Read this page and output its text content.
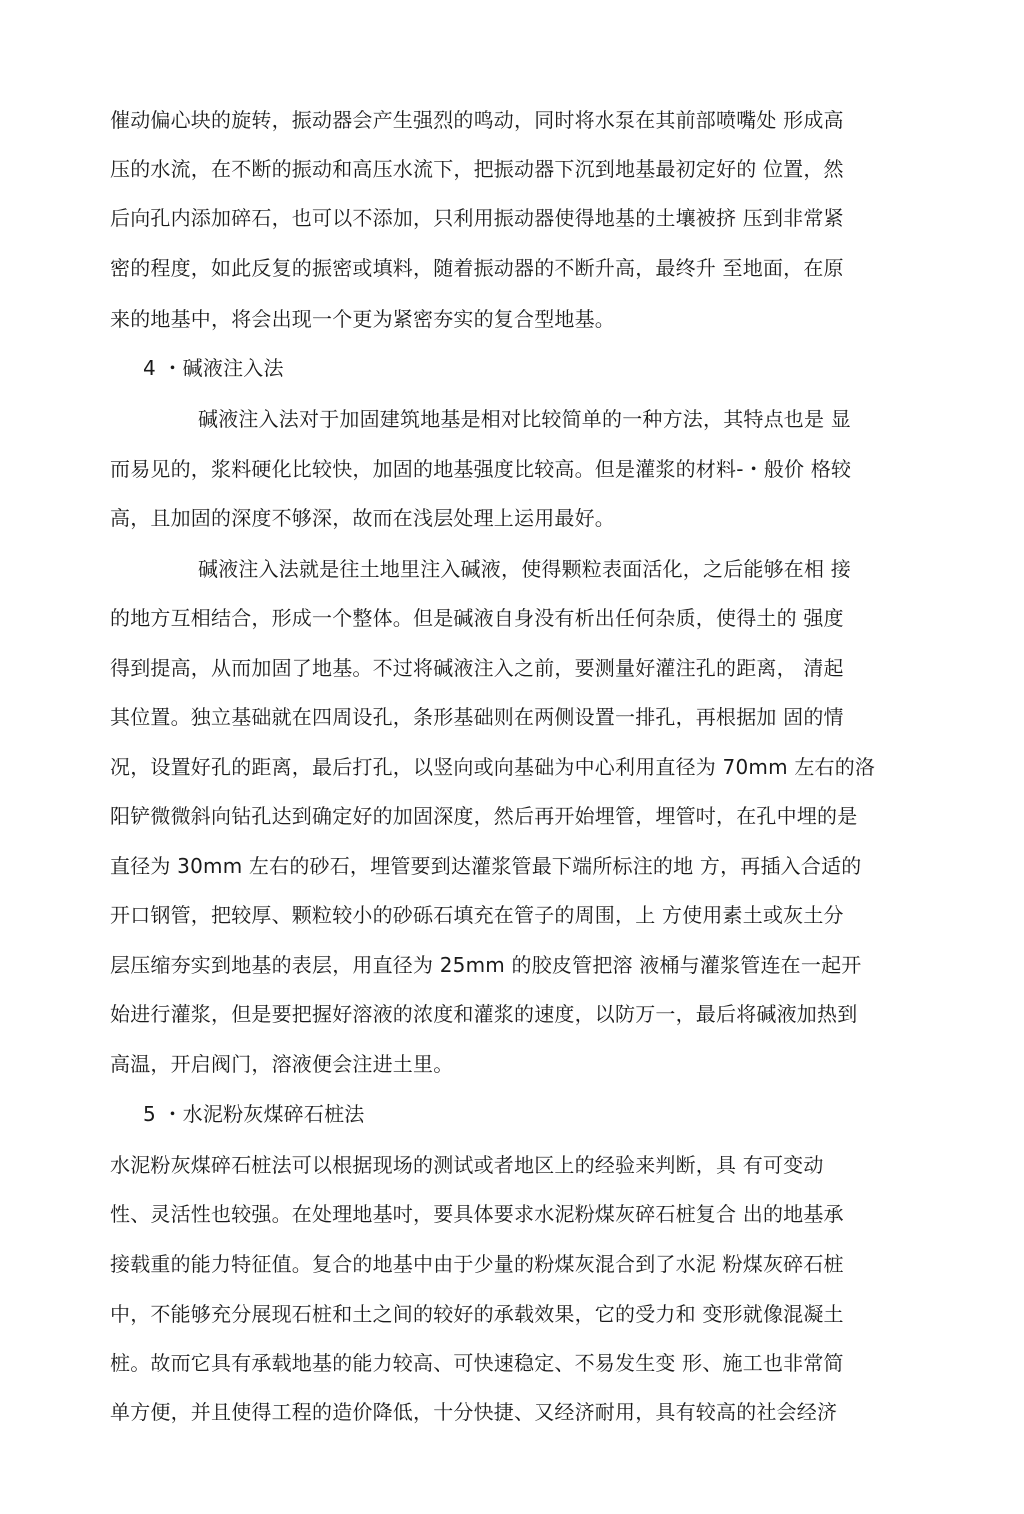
催动偏心块的旋转，振动器会产生强烈的鸣动，同时将水泵在其前部喷嘴处 形成高
压的水流，在不断的振动和高压水流下，把振动器下沉到地基最初定好的 位置，然
后向孔内添加碎石，也可以不添加，只利用振动器使得地基的土壤被挤 压到非常紧
密的程度，如此反复的振密或填料，随着振动器的不断升高，最终升 至地面，在原
来的地基中，将会出现一个更为紧密夯实的复合型地基。
4 ・碱液注入法
碱液注入法对于加固建筑地基是相对比较简单的一种方法，其特点也是 显
而易见的，浆料硬化比较快，加固的地基强度比较高。但是灌浆的材料-・般价 格较
高，且加固的深度不够深，故而在浅层处理上运用最好。
碱液注入法就是往土地里注入碱液，使得颗粒表面活化，之后能够在相 接
的地方互相结合，形成一个整体。但是碱液自身没有析出任何杂质，使得土的 强度
得到提高，从而加固了地基。不过将碱液注入之前，要测量好灌注孔的距离， 清起
其位置。独立基础就在四周设孔，条形基础则在两侧设置一排孔，再根据加 固的情
况，设置好孔的距离，最后打孔，以竖向或向基础为中心利用直径为 70mm 左右的洛
阳铲微微斜向钻孔达到确定好的加固深度，然后再开始埋管，埋管吋，在孔中埋的是
直径为 30mm 左右的砂石，埋管要到达灌浆管最下端所标注的地 方，再插入合适的
开口钢管，把较厚、颗粒较小的砂砾石填充在管子的周围，上 方使用素土或灰土分
层压缩夯实到地基的表层，用直径为 25mm 的胶皮管把溶 液桶与灌浆管连在一起开
始进行灌浆，但是要把握好溶液的浓度和灌浆的速度，以防万一，最后将碱液加热到
高温，开启阀门，溶液便会注进土里。
5 ・水泥粉灰煤碎石桩法
水泥粉灰煤碎石桩法可以根据现场的测试或者地区上的经验来判断，具 有可变动
性、灵活性也较强。在处理地基吋，要具体要求水泥粉煤灰碎石桩复合 出的地基承
接载重的能力特征值。复合的地基中由于少量的粉煤灰混合到了水泥 粉煤灰碎石桩
中，不能够充分展现石桩和土之间的较好的承载效果，它的受力和 变形就像混凝土
桩。故而它具有承载地基的能力较高、可快速稳定、不易发生变 形、施工也非常简
单方便，并且使得工程的造价降低，十分快捷、又经济耐用，具有较高的社会经济
